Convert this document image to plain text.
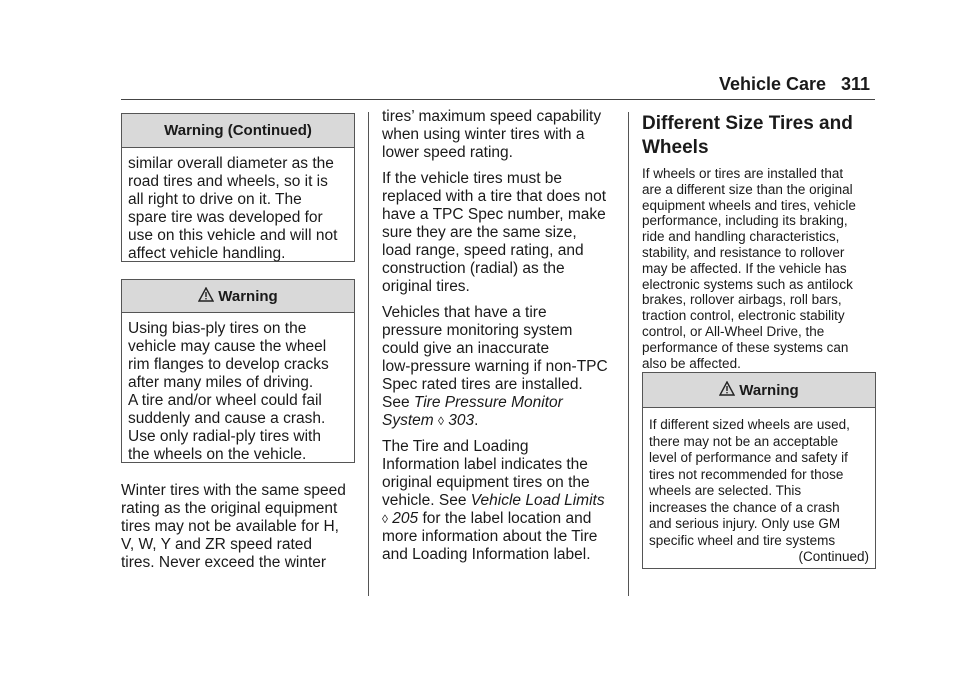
Vehicle Care 311
Warning (Continued)
similar overall diameter as the
road tires and wheels, so it is
all right to drive on it. The
spare tire was developed for
use on this vehicle and will not
affect vehicle handling.
Warning
Using bias-ply tires on the
vehicle may cause the wheel
rim flanges to develop cracks
after many miles of driving.
A tire and/or wheel could fail
suddenly and cause a crash.
Use only radial-ply tires with
the wheels on the vehicle.
Winter tires with the same speed
rating as the original equipment
tires may not be available for H,
V, W, Y and ZR speed rated
tires. Never exceed the winter
tires’ maximum speed capability
when using winter tires with a
lower speed rating.
If the vehicle tires must be
replaced with a tire that does not
have a TPC Spec number, make
sure they are the same size,
load range, speed rating, and
construction (radial) as the
original tires.
Vehicles that have a tire
pressure monitoring system
could give an inaccurate
low-pressure warning if non-TPC
Spec rated tires are installed.
See Tire Pressure Monitor
System ◊ 303.
The Tire and Loading
Information label indicates the
original equipment tires on the
vehicle. See Vehicle Load Limits
◊ 205 for the label location and
more information about the Tire
and Loading Information label.
Different Size Tires and
Wheels
If wheels or tires are installed that
are a different size than the original
equipment wheels and tires, vehicle
performance, including its braking,
ride and handling characteristics,
stability, and resistance to rollover
may be affected. If the vehicle has
electronic systems such as antilock
brakes, rollover airbags, roll bars,
traction control, electronic stability
control, or All-Wheel Drive, the
performance of these systems can
also be affected.
Warning
If different sized wheels are used,
there may not be an acceptable
level of performance and safety if
tires not recommended for those
wheels are selected. This
increases the chance of a crash
and serious injury. Only use GM
specific wheel and tire systems
(Continued)
